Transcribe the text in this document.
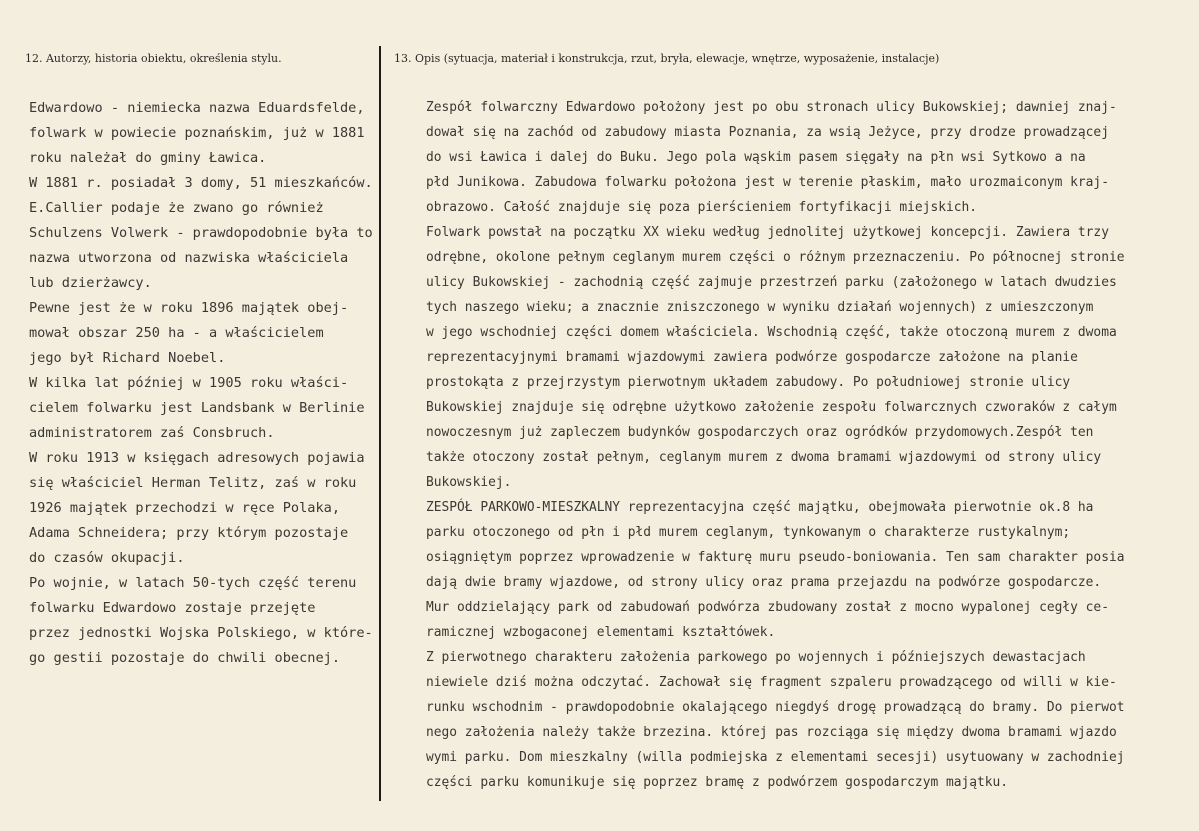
12. Autorzy, historia obiektu, określenia stylu.	13. Opis (sytuacja, materiał i konstrukcja, rzut, bryła, elewacje, wnętrze, wyposażenie, instalacje)
Edwardowo - niemiecka nazwa Eduardsfelde,
folwark w powiecie poznańskim, już w 1881
roku należał do gminy Ławica.
W 1881 r. posiadał 3 domy, 51 mieszkańców.
E.Callier podaje że zwano go również
Schulzens Volwerk - prawdopodobnie była to
nazwa utworzona od nazwiska właściciela
lub dzierżawcy.
Pewne jest że w roku 1896 majątek obej-
mował obszar 250 ha - a właścicielem
jego był Richard Noebel.
W kilka lat później w 1905 roku właści-
cielem folwarku jest Landsbank w Berlinie
administratorem zaś Consbruch.
W roku 1913 w księgach adresowych pojawia
się właściciel Herman Telitz, zaś w roku
1926 majątek przechodzi w ręce Polaka,
Adama Schneidera; przy którym pozostaje
do czasów okupacji.
Po wojnie, w latach 50-tych część terenu
folwarku Edwardowo zostaje przejęte
przez jednostki Wojska Polskiego, w które-
go gestii pozostaje do chwili obecnej.
Zespół folwarczny Edwardowo położony jest po obu stronach ulicy Bukowskiej; dawniej znaj-
dował się na zachód od zabudowy miasta Poznania, za wsią Jeżyce, przy drodze prowadzącej
do wsi Ławica i dalej do Buku. Jego pola wąskim pasem sięgały na płn wsi Sytkowo a na
płd Junikowa. Zabudowa folwarku położona jest w terenie płaskim, mało urozmaiconym kraj-
obrazowo. Całość znajduje się poza pierścieniem fortyfikacji miejskich.
Folwark powstał na początku XX wieku według jednolitej użytkowej koncepcji. Zawiera trzy
odrębne, okolone pełnym ceglanym murem części o różnym przeznaczeniu. Po północnej stronie
ulicy Bukowskiej - zachodnią część zajmuje przestrzeń parku (założonego w latach dwudzies
tych naszego wieku; a znacznie zniszczonego w wyniku działań wojennych) z umieszczonym
w jego wschodniej części domem właściciela. Wschodnią część, także otoczoną murem z dwoma
reprezentacyjnymi bramami wjazdowymi zawiera podwórze gospodarcze założone na planie
prostokąta z przejrzystym pierwotnym układem zabudowy. Po południowej stronie ulicy
Bukowskiej znajduje się odrębne użytkowo założenie zespołu folwarcznych czworaków z całym
nowoczesnym już zapleczem budynków gospodarczych oraz ogródków przydomowych.Zespół ten
także otoczony został pełnym, ceglanym murem z dwoma bramami wjazdowymi od strony ulicy
Bukowskiej.
ZESPÓŁ PARKOWO-MIESZKALNY reprezentacyjna część majątku, obejmowała pierwotnie ok.8 ha
parku otoczonego od płn i płd murem ceglanym, tynkowanym o charakterze rustykalnym;
osiągniętym poprzez wprowadzenie w fakturę muru pseudo-boniowania. Ten sam charakter posia
dają dwie bramy wjazdowe, od strony ulicy oraz prama przejazdu na podwórze gospodarcze.
Mur oddzielający park od zabudowań podwórza zbudowany został z mocno wypalonej cegły ce-
ramicznej wzbogaconej elementami kształtówek.
Z pierwotnego charakteru założenia parkowego po wojennych i późniejszych dewastacjach
niewiele dziś można odczytać. Zachował się fragment szpaleru prowadzącego od willi w kie-
runku wschodnim - prawdopodobnie okalającego niegdyś drogę prowadzącą do bramy. Do pierwot
nego założenia należy także brzezina. której pas rozciąga się między dwoma bramami wjazdo
wymi parku. Dom mieszkalny (willa podmiejska z elementami secesji) usytuowany w zachodniej
części parku komunikuje się poprzez bramę z podwórzem gospodarczym majątku.
